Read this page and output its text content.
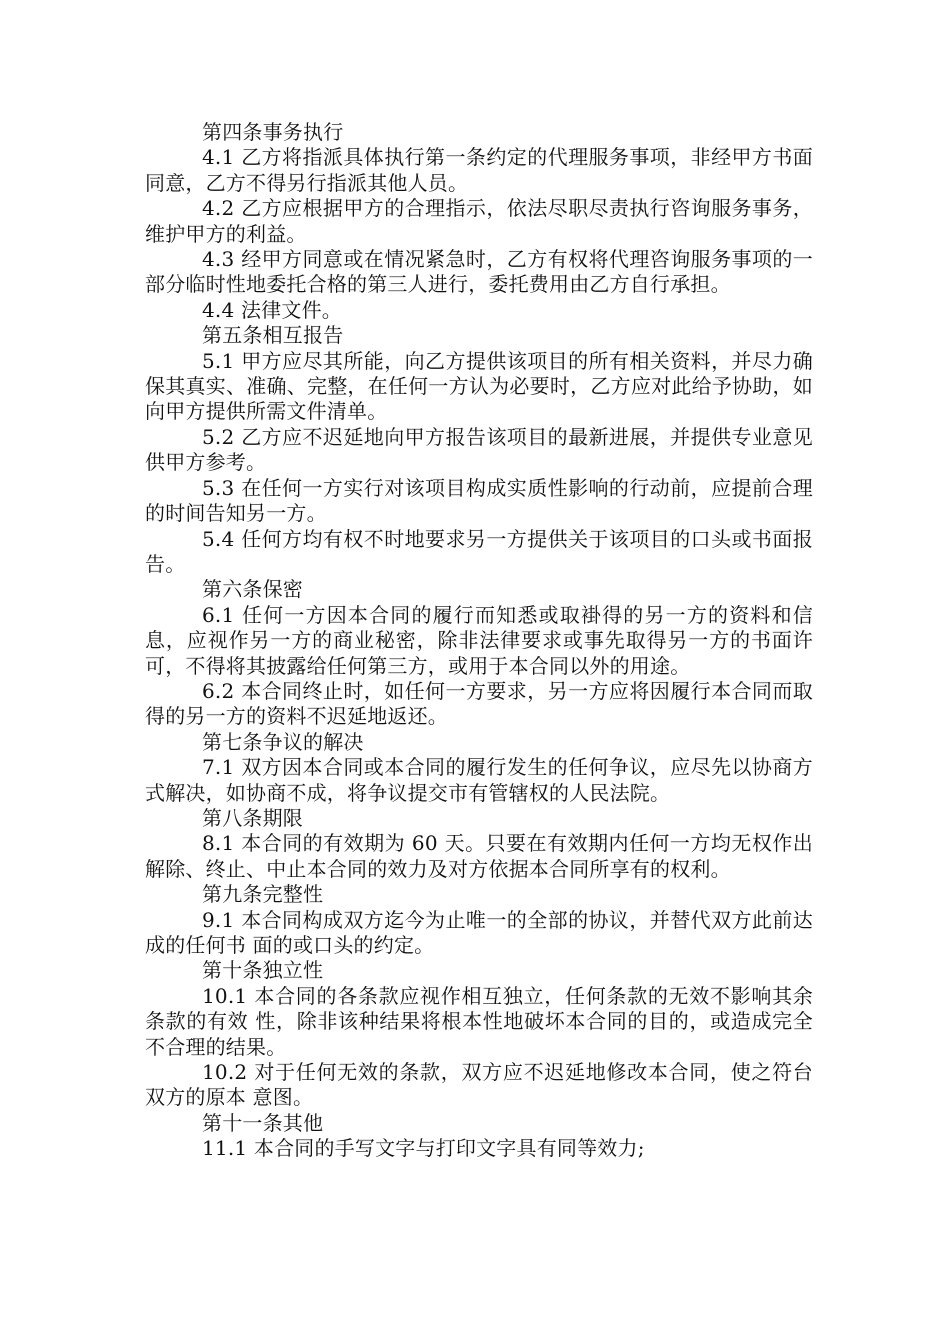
第四条事务执行

4.1 乙方将指派具体执行第一条约定的代理服务事项，非经甲方书面同意，乙方不得另行指派其他人员。

4.2 乙方应根据甲方的合理指示，依法尽职尽责执行咨询服务事务，维护甲方的利益。

4.3 经甲方同意或在情况紧急时，乙方有权将代理咨询服务事项的一部分临时性地委托合格的第三人进行，委托费用由乙方自行承担。

4.4 法律文件。

第五条相互报告

5.1 甲方应尽其所能，向乙方提供该项目的所有相关资料，并尽力确保其真实、准确、完整，在任何一方认为必要时，乙方应对此给予协助，如向甲方提供所需文件清单。

5.2 乙方应不迟延地向甲方报告该项目的最新进展，并提供专业意见供甲方参考。

5.3 在任何一方实行对该项目构成实质性影响的行动前，应提前合理的时间告知另一方。

5.4 任何方均有权不时地要求另一方提供关于该项目的口头或书面报告。

第六条保密

6.1 任何一方因本合同的履行而知悉或取褂得的另一方的资料和信息，应视作另一方的商业秘密，除非法律要求或事先取得另一方的书面许可，不得将其披露给任何第三方，或用于本合同以外的用途。

6.2 本合同终止时，如任何一方要求，另一方应将因履行本合同而取得的另一方的资料不迟延地返还。

第七条争议的解决

7.1 双方因本合同或本合同的履行发生的任何争议，应尽先以协商方式解决，如协商不成，将争议提交市有管辖权的人民法院。

第八条期限

8.1 本合同的有效期为 60 天。只要在有效期内任何一方均无权作出解除、终止、中止本合同的效力及对方依据本合同所享有的权利。

第九条完整性

9.1 本合同构成双方迄今为止唯一的全部的协议，并替代双方此前达成的任何书 面的或口头的约定。

第十条独立性

10.1 本合同的各条款应视作相互独立，任何条款的无效不影响其余条款的有效 性，除非该种结果将根本性地破坏本合同的目的，或造成完全不合理的结果。

10.2 对于任何无效的条款，双方应不迟延地修改本合同，使之符台双方的原本 意图。

第十一条其他

11.1 本合同的手写文字与打印文字具有同等效力;
